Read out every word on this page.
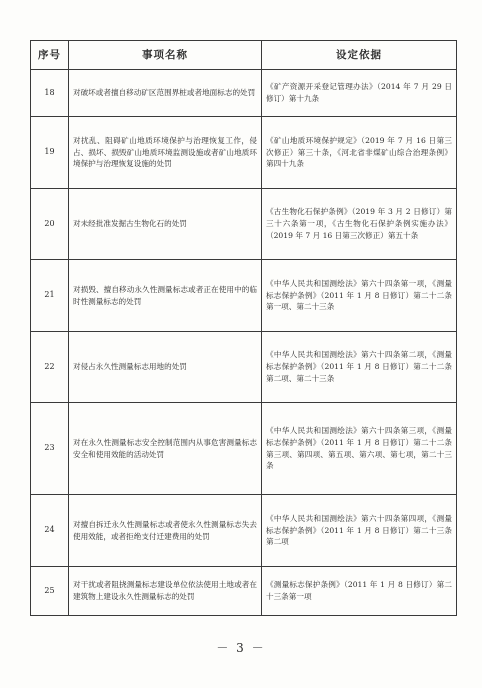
序号	事项名称	设定依据
18	对破坏或者擅自移动矿区范围界桩或者地面标志的处罚	《矿产资源开采登记管理办法》（2014 年 7 月 29 日修订）第十九条
19	对扰乱、阻碍矿山地质环境保护与治理恢复工作，侵占、损坏、损毁矿山地质环境监测设施或者矿山地质环境保护与治理恢复设施的处罚	《矿山地质环境保护规定》（2019 年 7 月 16 日第三次修正）第三十条，《河北省非煤矿山综合治理条例》第四十九条
20	对未经批准发掘古生物化石的处罚	《古生物化石保护条例》（2019 年 3 月 2 日修订）第三十六条第一项，《古生物化石保护条例实施办法》（2019 年 7 月 16 日第三次修正）第五十条
21	对损毁、擅自移动永久性测量标志或者正在使用中的临时性测量标志的处罚	《中华人民共和国测绘法》第六十四条第一项，《测量标志保护条例》（2011 年 1 月 8 日修订）第二十二条第一项、第二十三条
22	对侵占永久性测量标志用地的处罚	《中华人民共和国测绘法》第六十四条第二项，《测量标志保护条例》（2011 年 1 月 8 日修订）第二十二条第二项、第二十三条
23	对在永久性测量标志安全控制范围内从事危害测量标志安全和使用效能的活动处罚	《中华人民共和国测绘法》第六十四条第三项，《测量标志保护条例》（2011 年 1 月 8 日修订）第二十二条第三项、第四项、第五项、第六项、第七项，第二十三条
24	对擅自拆迁永久性测量标志或者使永久性测量标志失去使用效能，或者拒绝支付迁建费用的处罚	《中华人民共和国测绘法》第六十四条第四项，《测量标志保护条例》（2011 年 1 月 8 日修订）第二十三条第二项
25	对干扰或者阻挠测量标志建设单位依法使用土地或者在建筑物上建设永久性测量标志的处罚	《测量标志保护条例》（2011 年 1 月 8 日修订）第二十三条第一项
－ 3 －
